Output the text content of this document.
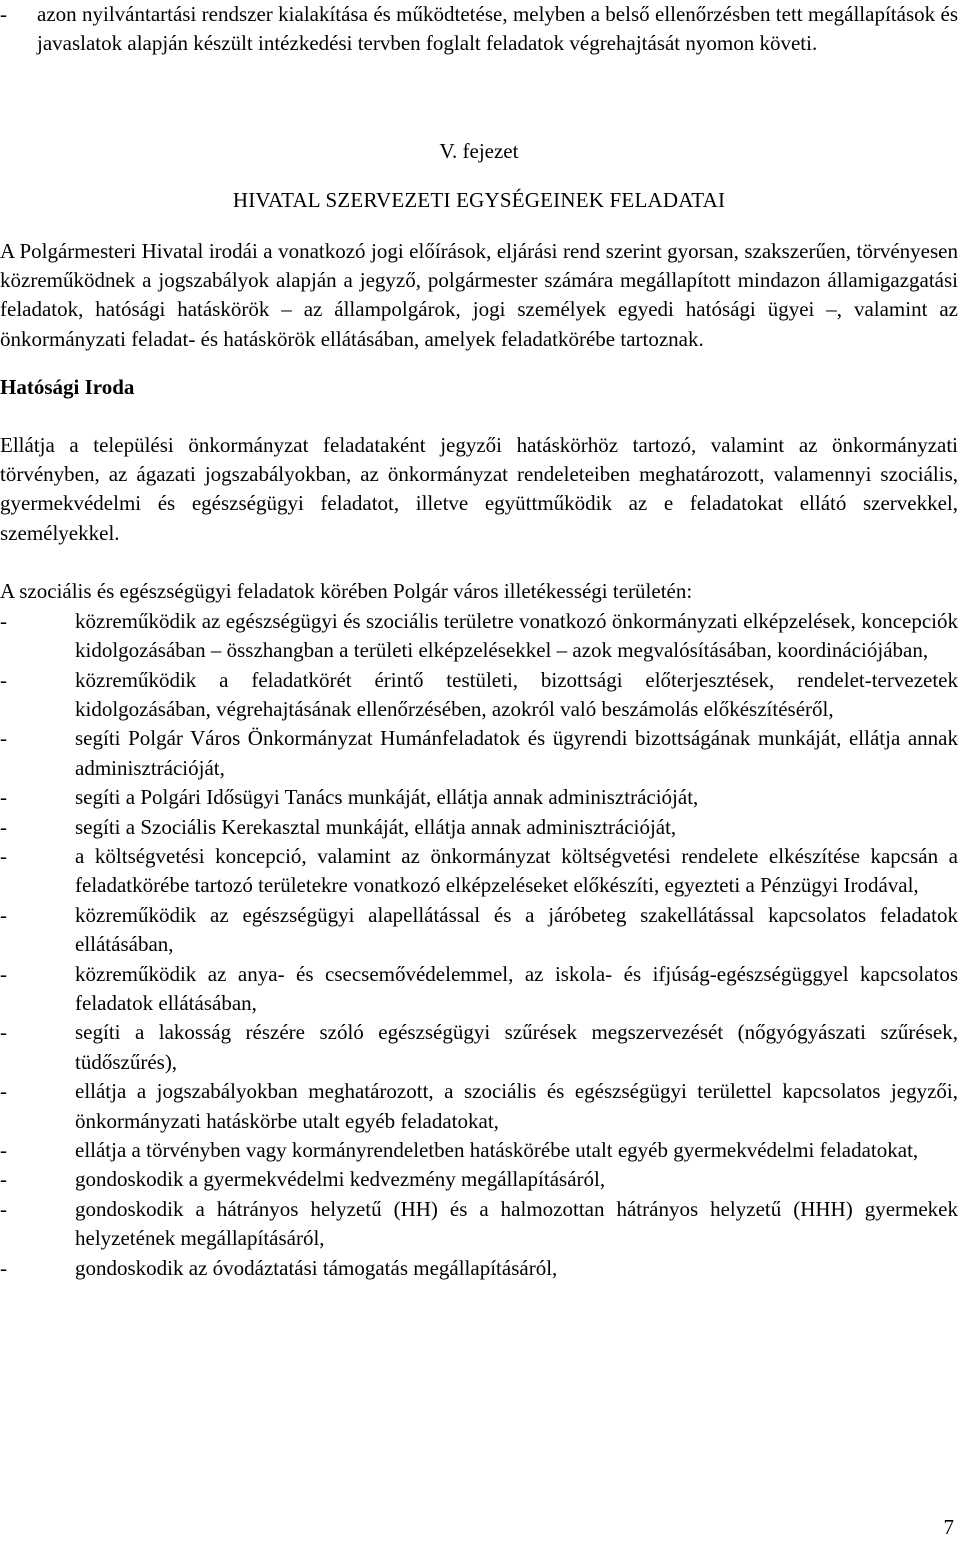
- azon nyilvántartási rendszer kialakítása és működtetése, melyben a belső ellenőrzésben tett megállapítások és javaslatok alapján készült intézkedési tervben foglalt feladatok végrehajtását nyomon követi.

V. fejezet

HIVATAL SZERVEZETI EGYSÉGEINEK FELADATAI

A Polgármesteri Hivatal irodái a vonatkozó jogi előírások, eljárási rend szerint gyorsan, szakszerűen, törvényesen közreműködnek a jogszabályok alapján a jegyző, polgármester számára megállapított mindazon államigazgatási feladatok, hatósági hatáskörök – az állampolgárok, jogi személyek egyedi hatósági ügyei –, valamint az önkormányzati feladat- és hatáskörök ellátásában, amelyek feladatkörébe tartoznak.

Hatósági Iroda

Ellátja a települési önkormányzat feladataként jegyzői hatáskörhöz tartozó, valamint az önkormányzati törvényben, az ágazati jogszabályokban, az önkormányzat rendeleteiben meghatározott, valamennyi szociális, gyermekvédelmi és egészségügyi feladatot, illetve együttműködik az e feladatokat ellátó szervekkel, személyekkel.

A szociális és egészségügyi feladatok körében Polgár város illetékességi területén:

-	közreműködik az egészségügyi és szociális területre vonatkozó önkormányzati elképzelések, koncepciók kidolgozásában – összhangban a területi elképzelésekkel – azok megvalósításában, koordinációjában,
-	közreműködik a feladatkörét érintő testületi, bizottsági előterjesztések, rendelet-tervezetek kidolgozásában, végrehajtásának ellenőrzésében, azokról való beszámolás előkészítéséről,
-	segíti Polgár Város Önkormányzat Humánfeladatok és ügyrendi bizottságának munkáját, ellátja annak adminisztrációját,
-	segíti a Polgári Idősügyi Tanács munkáját, ellátja annak adminisztrációját,
-	segíti a Szociális Kerekasztal munkáját, ellátja annak adminisztrációját,
-	a költségvetési koncepció, valamint az önkormányzat költségvetési rendelete elkészítése kapcsán a feladatkörébe tartozó területekre vonatkozó elképzeléseket előkészíti, egyezteti a Pénzügyi Irodával,
-	közreműködik az egészségügyi alapellátással és a járóbeteg szakellátással kapcsolatos feladatok ellátásában,
-	közreműködik az anya- és csecsemővédelemmel, az iskola- és ifjúság-egészségüggyel kapcsolatos feladatok ellátásában,
-	segíti a lakosság részére szóló egészségügyi szűrések megszervezését (nőgyógyászati szűrések, tüdőszűrés),
-	ellátja a jogszabályokban meghatározott, a szociális és egészségügyi területtel kapcsolatos jegyzői, önkormányzati hatáskörbe utalt egyéb feladatokat,
-	ellátja a törvényben vagy kormányrendeletben hatáskörébe utalt egyéb gyermekvédelmi feladatokat,
-	gondoskodik a gyermekvédelmi kedvezmény megállapításáról,
-	gondoskodik a hátrányos helyzetű (HH) és a halmozottan hátrányos helyzetű (HHH) gyermekek helyzetének megállapításáról,
-	gondoskodik az óvodáztatási támogatás megállapításáról,
7
